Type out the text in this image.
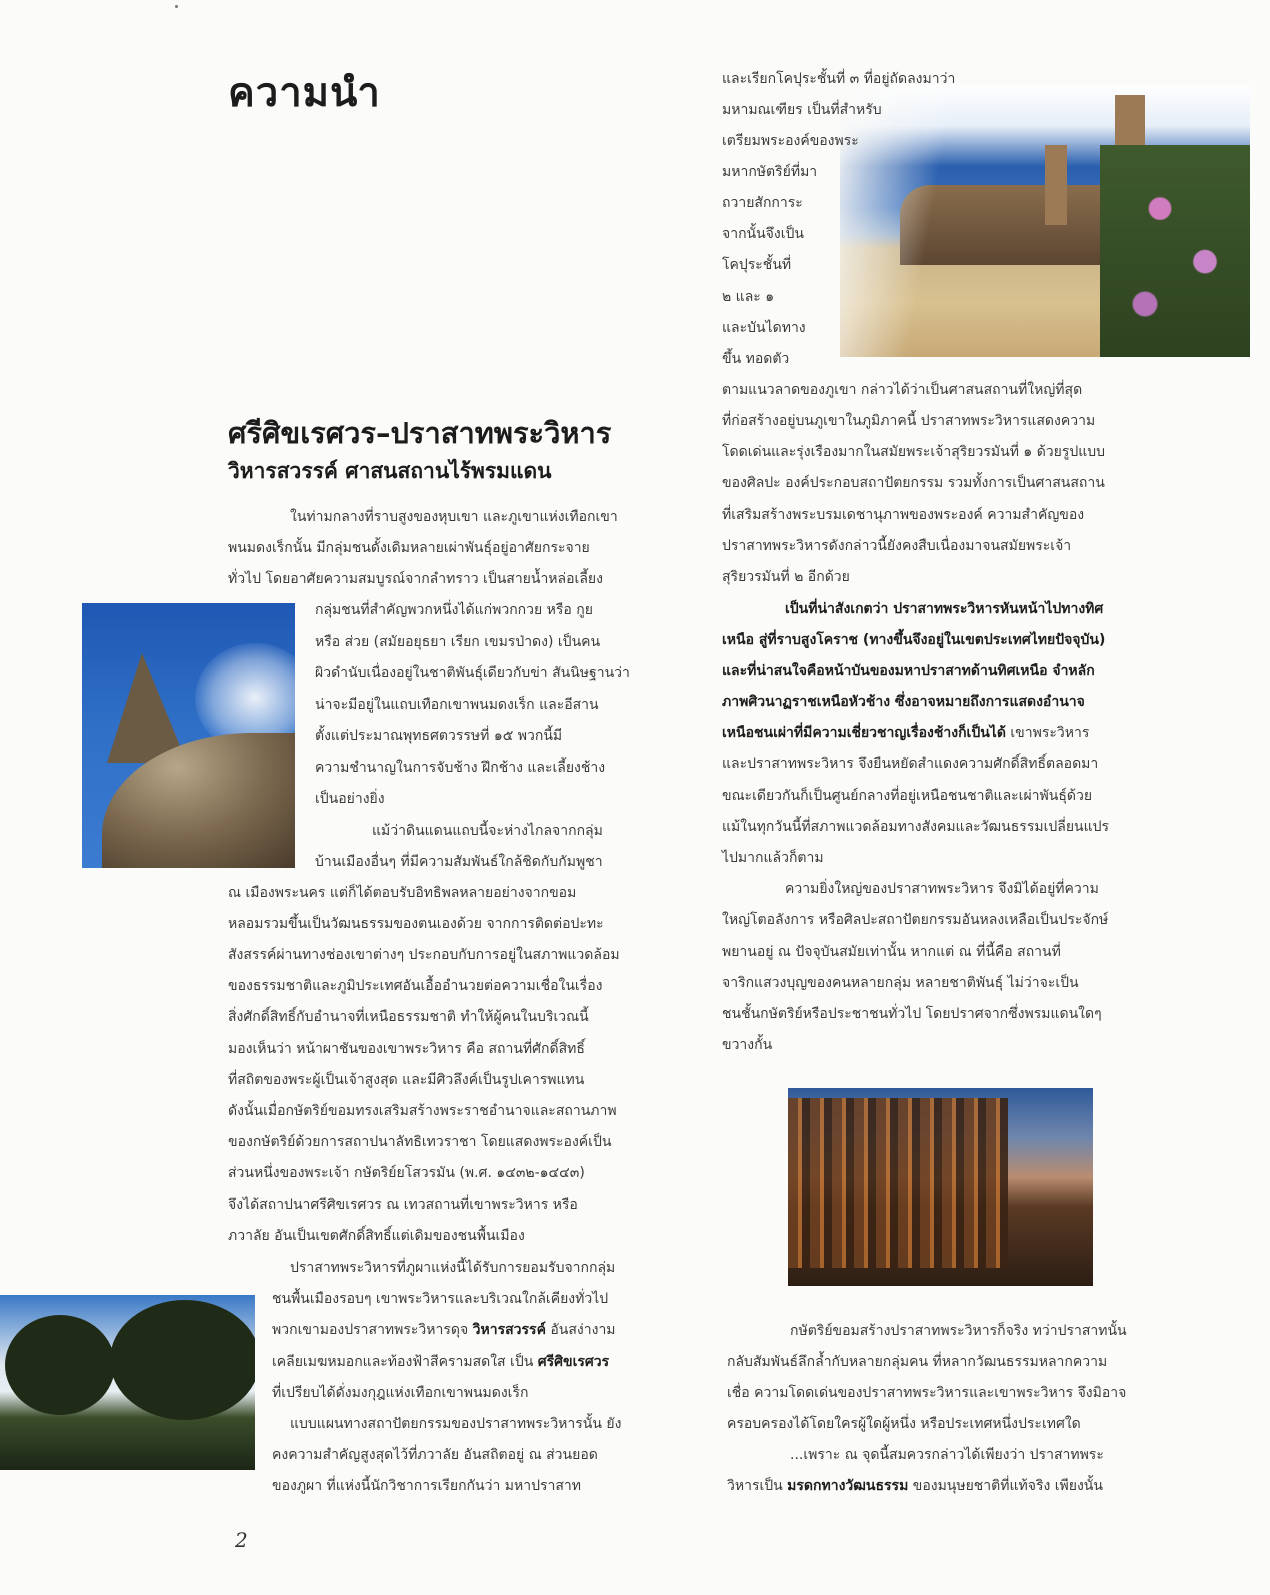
ความนำ
ศรีศิขเรศวร–ปราสาทพระวิหาร
วิหารสวรรค์ ศาสนสถานไร้พรมแดน
ในท่ามกลางที่ราบสูงของหุบเขา และภูเขาแห่งเทือกเขา
พนมดงเร็กนั้น มีกลุ่มชนดั้งเดิมหลายเผ่าพันธุ์อยู่อาศัยกระจาย
ทั่วไป โดยอาศัยความสมบูรณ์จากลำทราว เป็นสายน้ำหล่อเลี้ยง
กลุ่มชนที่สำคัญพวกหนึ่งได้แก่พวกกวย หรือ กูย
หรือ ส่วย (สมัยอยุธยา เรียก เขมรป่าดง) เป็นคน
ผิวดำนับเนื่องอยู่ในชาติพันธุ์เดียวกับข่า สันนิษฐานว่า
น่าจะมีอยู่ในแถบเทือกเขาพนมดงเร็ก และอีสาน
ตั้งแต่ประมาณพุทธศตวรรษที่ ๑๕ พวกนี้มี
ความชำนาญในการจับช้าง ฝึกช้าง และเลี้ยงช้าง
เป็นอย่างยิ่ง
แม้ว่าดินแดนแถบนี้จะห่างไกลจากกลุ่ม
บ้านเมืองอื่นๆ ที่มีความสัมพันธ์ใกล้ชิดกับกัมพูชา
ณ เมืองพระนคร แต่ก็ได้ตอบรับอิทธิพลหลายอย่างจากขอม
หลอมรวมขึ้นเป็นวัฒนธรรมของตนเองด้วย จากการติดต่อปะทะ
สังสรรค์ผ่านทางช่องเขาต่างๆ ประกอบกับการอยู่ในสภาพแวดล้อม
ของธรรมชาติและภูมิประเทศอันเอื้ออำนวยต่อความเชื่อในเรื่อง
สิ่งศักดิ์สิทธิ์กับอำนาจที่เหนือธรรมชาติ ทำให้ผู้คนในบริเวณนี้
มองเห็นว่า หน้าผาชันของเขาพระวิหาร คือ สถานที่ศักดิ์สิทธิ์
ที่สถิตของพระผู้เป็นเจ้าสูงสุด และมีศิวลึงค์เป็นรูปเคารพแทน
ดังนั้นเมื่อกษัตริย์ขอมทรงเสริมสร้างพระราชอำนาจและสถานภาพ
ของกษัตริย์ด้วยการสถาปนาลัทธิเทวราชา โดยแสดงพระองค์เป็น
ส่วนหนึ่งของพระเจ้า กษัตริย์ยโสวรมัน (พ.ศ. ๑๔๓๒-๑๔๔๓)
จึงได้สถาปนาศรีศิขเรศวร ณ เทวสถานที่เขาพระวิหาร หรือ
ภวาลัย อันเป็นเขตศักดิ์สิทธิ์แต่เดิมของชนพื้นเมือง
ปราสาทพระวิหารที่ภูผาแห่งนี้ได้รับการยอมรับจากกลุ่ม
ชนพื้นเมืองรอบๆ เขาพระวิหารและบริเวณใกล้เคียงทั่วไป
พวกเขามองปราสาทพระวิหารดุจ วิหารสวรรค์ อันสง่างาม
เคลียเมฆหมอกและท้องฟ้าสีครามสดใส เป็น ศรีศิขเรศวร
ที่เปรียบได้ดั่งมงกุฎแห่งเทือกเขาพนมดงเร็ก
แบบแผนทางสถาปัตยกรรมของปราสาทพระวิหารนั้น ยัง
คงความสำคัญสูงสุดไว้ที่ภวาลัย อันสถิตอยู่ ณ ส่วนยอด
ของภูผา ที่แห่งนี้นักวิชาการเรียกกันว่า มหาปราสาท
และเรียกโคปุระชั้นที่ ๓ ที่อยู่ถัดลงมาว่า
มหามณเฑียร เป็นที่สำหรับ
เตรียมพระองค์ของพระ
มหากษัตริย์ที่มา
ถวายสักการะ
จากนั้นจึงเป็น
โคปุระชั้นที่
๒ และ ๑
และบันไดทาง
ขึ้น ทอดตัว
ตามแนวลาดของภูเขา กล่าวได้ว่าเป็นศาสนสถานที่ใหญ่ที่สุด
ที่ก่อสร้างอยู่บนภูเขาในภูมิภาคนี้ ปราสาทพระวิหารแสดงความ
โดดเด่นและรุ่งเรืองมากในสมัยพระเจ้าสุริยวรมันที่ ๑ ด้วยรูปแบบ
ของศิลปะ องค์ประกอบสถาปัตยกรรม รวมทั้งการเป็นศาสนสถาน
ที่เสริมสร้างพระบรมเดชานุภาพของพระองค์ ความสำคัญของ
ปราสาทพระวิหารดังกล่าวนี้ยังคงสืบเนื่องมาจนสมัยพระเจ้า
สุริยวรมันที่ ๒ อีกด้วย
เป็นที่น่าสังเกตว่า ปราสาทพระวิหารหันหน้าไปทางทิศ
เหนือ สู่ที่ราบสูงโคราช (ทางขึ้นจึงอยู่ในเขตประเทศไทยปัจจุบัน)
และที่น่าสนใจคือหน้าบันของมหาปราสาทด้านทิศเหนือ จำหลัก
ภาพศิวนาฏราชเหนือหัวช้าง ซึ่งอาจหมายถึงการแสดงอำนาจ
เหนือชนเผ่าที่มีความเชี่ยวชาญเรื่องช้างก็เป็นได้ เขาพระวิหาร
และปราสาทพระวิหาร จึงยืนหยัดสำแดงความศักดิ์สิทธิ์ตลอดมา
ขณะเดียวกันก็เป็นศูนย์กลางที่อยู่เหนือชนชาติและเผ่าพันธุ์ด้วย
แม้ในทุกวันนี้ที่สภาพแวดล้อมทางสังคมและวัฒนธรรมเปลี่ยนแปร
ไปมากแล้วก็ตาม
ความยิ่งใหญ่ของปราสาทพระวิหาร จึงมิได้อยู่ที่ความ
ใหญ่โตอลังการ หรือศิลปะสถาปัตยกรรมอันหลงเหลือเป็นประจักษ์
พยานอยู่ ณ ปัจจุบันสมัยเท่านั้น หากแต่ ณ ที่นี้คือ สถานที่
จาริกแสวงบุญของคนหลายกลุ่ม หลายชาติพันธุ์ ไม่ว่าจะเป็น
ชนชั้นกษัตริย์หรือประชาชนทั่วไป โดยปราศจากซึ่งพรมแดนใดๆ
ขวางกั้น
กษัตริย์ขอมสร้างปราสาทพระวิหารก็จริง ทว่าปราสาทนั้น
กลับสัมพันธ์ลึกล้ำกับหลายกลุ่มคน ที่หลากวัฒนธรรมหลากความ
เชื่อ ความโดดเด่นของปราสาทพระวิหารและเขาพระวิหาร จึงมิอาจ
ครอบครองได้โดยใครผู้ใดผู้หนึ่ง หรือประเทศหนึ่งประเทศใด
...เพราะ ณ จุดนี้สมควรกล่าวได้เพียงว่า ปราสาทพระ
วิหารเป็น มรดกทางวัฒนธรรม ของมนุษยชาติที่แท้จริง เพียงนั้น
2
